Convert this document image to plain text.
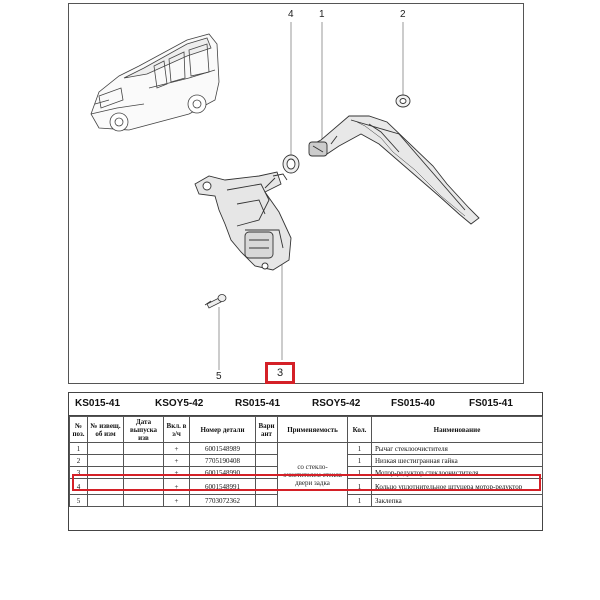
4	1	2
5	3
KS015-41	KSOY5-42	RS015-41	RSOY5-42	FS015-40	FS015-41
№ поз.	№ извещ. об изм	Дата выпуска изв	Вкл. в з/ч	Номер детали	Вари ант	Применяемость	Кол.	Наименование
1			+	6001548989		со стекло-очистителем стекла двери задка	1	Рычаг стеклоочистителя
2			+	7705190408			1	Низкая шестигранная гайка
3			+	6001548990			1	Мотор-редуктор стеклоочистителя
4			+	6001548991			1	Кольцо уплотнительное штуцера мотор-редуктор
5			+	7703072362			1	Заклепка
